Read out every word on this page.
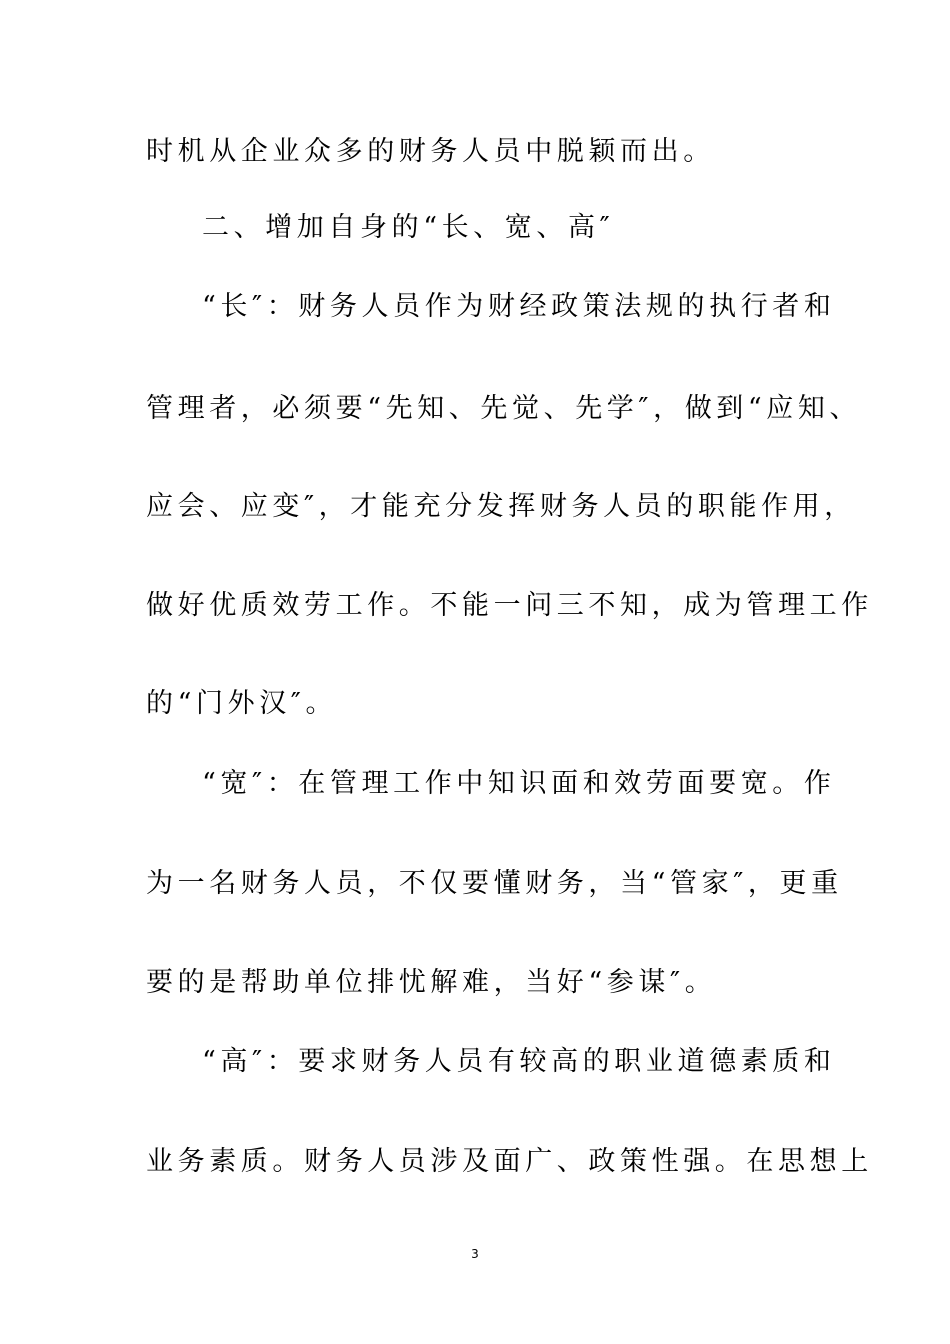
时机从企业众多的财务人员中脱颖而出。
二、增加自身的“长、宽、高″
“长″：财务人员作为财经政策法规的执行者和
管理者，必须要“先知、先觉、先学″，做到“应知、
应会、应变″，才能充分发挥财务人员的职能作用，
做好优质效劳工作。不能一问三不知，成为管理工作
的“门外汉″。
“宽″：在管理工作中知识面和效劳面要宽。作
为一名财务人员，不仅要懂财务，当“管家″，更重
要的是帮助单位排忧解难，当好“参谋″。
“高″：要求财务人员有较高的职业道德素质和
业务素质。财务人员涉及面广、政策性强。在思想上
3
